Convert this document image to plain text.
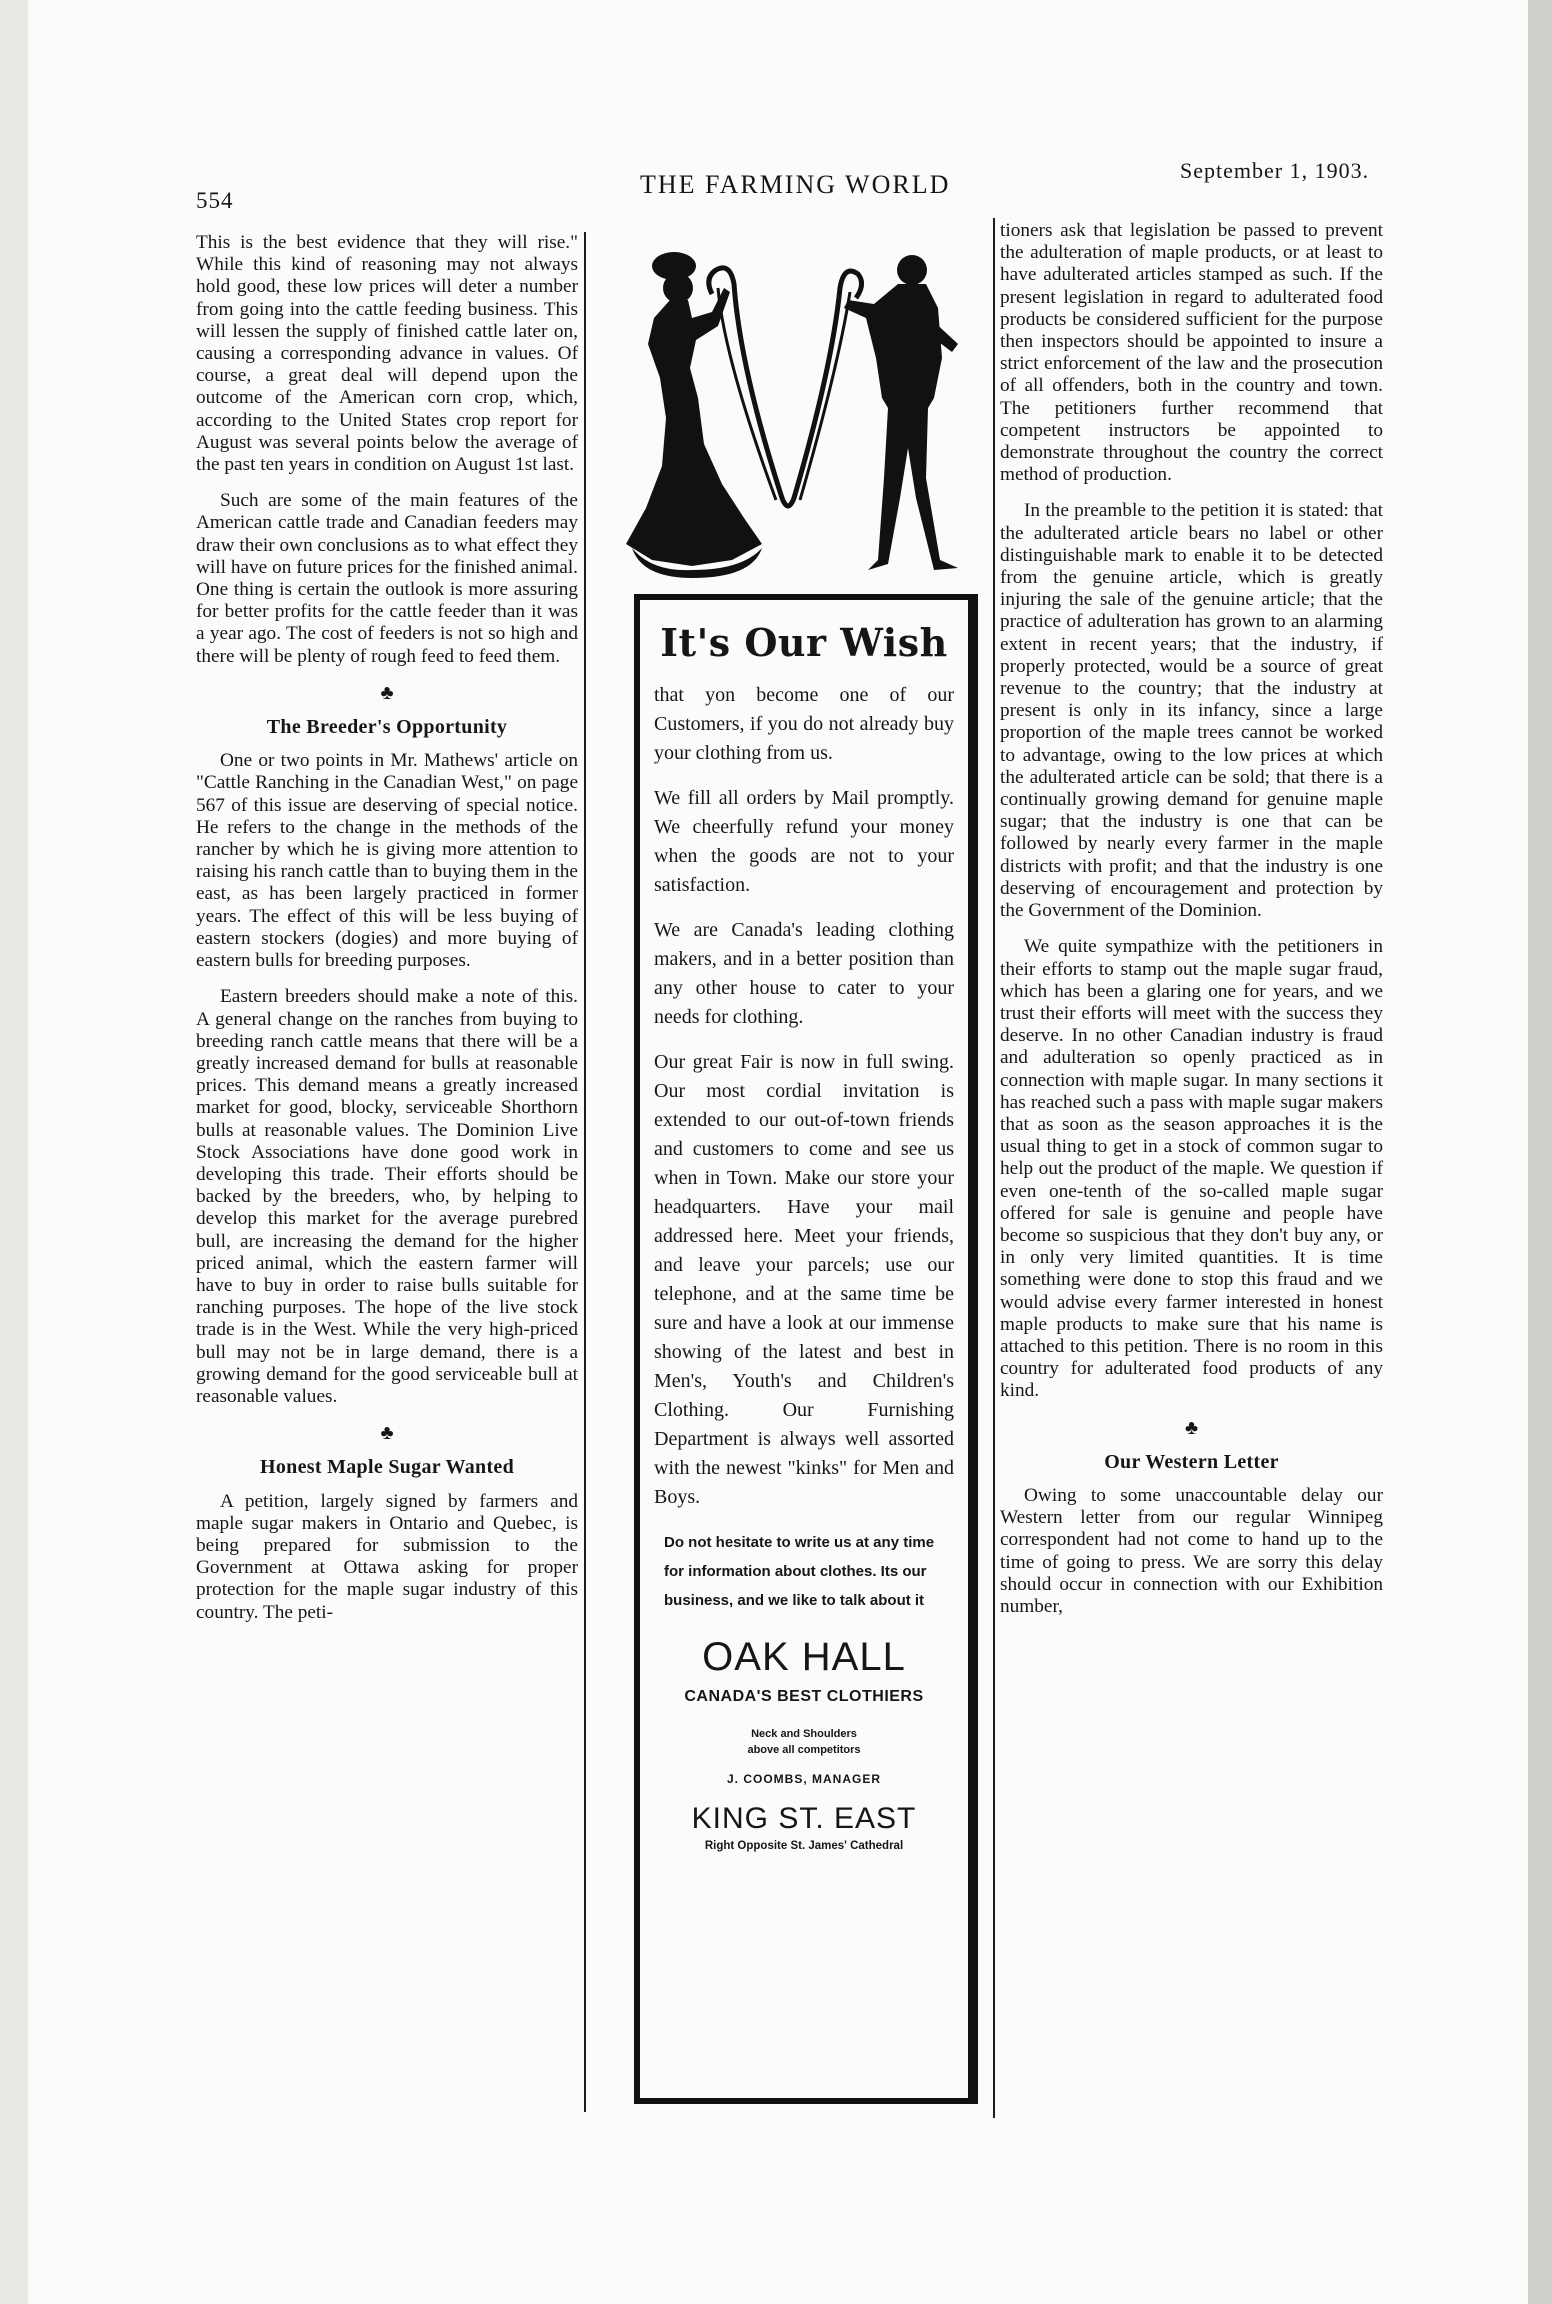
554
THE FARMING WORLD	September 1, 1903.

This is the best evidence that they will rise." While this kind of reasoning may not always hold good, these low prices will deter a number from going into the cattle feeding business. This will lessen the supply of finished cattle later on, causing a corresponding advance in values. Of course, a great deal will depend upon the outcome of the American corn crop, which, according to the United States crop report for August was several points below the average of the past ten years in condition on August 1st last.

Such are some of the main features of the American cattle trade and Canadian feeders may draw their own conclusions as to what effect they will have on future prices for the finished animal. One thing is certain the outlook is more assuring for better profits for the cattle feeder than it was a year ago. The cost of feeders is not so high and there will be plenty of rough feed to feed them.

♣
The Breeder's Opportunity

One or two points in Mr. Mathews' article on "Cattle Ranching in the Canadian West," on page 567 of this issue are deserving of special notice. He refers to the change in the methods of the rancher by which he is giving more attention to raising his ranch cattle than to buying them in the east, as has been largely practiced in former years. The effect of this will be less buying of eastern stockers (dogies) and more buying of eastern bulls for breeding purposes.

Eastern breeders should make a note of this. A general change on the ranches from buying to breeding ranch cattle means that there will be a greatly increased demand for bulls at reasonable prices. This demand means a greatly increased market for good, blocky, serviceable Shorthorn bulls at reasonable values. The Dominion Live Stock Associations have done good work in developing this trade. Their efforts should be backed by the breeders, who, by helping to develop this market for the average purebred bull, are increasing the demand for the higher priced animal, which the eastern farmer will have to buy in order to raise bulls suitable for ranching purposes. The hope of the live stock trade is in the West. While the very high-priced bull may not be in large demand, there is a growing demand for the good serviceable bull at reasonable values.

♣
Honest Maple Sugar Wanted

A petition, largely signed by farmers and maple sugar makers in Ontario and Quebec, is being prepared for submission to the Government at Ottawa asking for proper protection for the maple sugar industry of this country. The peti-

It's Our Wish

that yon become one of our Customers, if you do not already buy your clothing from us.

We fill all orders by Mail promptly. We cheerfully refund your money when the goods are not to your satisfaction.

We are Canada's leading clothing makers, and in a better position than any other house to cater to your needs for clothing.

Our great Fair is now in full swing. Our most cordial invitation is extended to our out-of-town friends and customers to come and see us when in Town. Make our store your headquarters. Have your mail addressed here. Meet your friends, and leave your parcels; use our telephone, and at the same time be sure and have a look at our immense showing of the latest and best in Men's, Youth's and Children's Clothing. Our Furnishing Department is always well assorted with the newest "kinks" for Men and Boys.

Do not hesitate to write us at any time for information about clothes. Its our business, and we like to talk about it
OAK HALL
CANADA'S BEST CLOTHIERS
Neck and Shoulders
above all competitors
J. COOMBS, MANAGER
KING ST. EAST
Right Opposite St. James' Cathedral

tioners ask that legislation be passed to prevent the adulteration of maple products, or at least to have adulterated articles stamped as such. If the present legislation in regard to adulterated food products be considered sufficient for the purpose then inspectors should be appointed to insure a strict enforcement of the law and the prosecution of all offenders, both in the country and town. The petitioners further recommend that competent instructors be appointed to demonstrate throughout the country the correct method of production.

In the preamble to the petition it is stated: that the adulterated article bears no label or other distinguishable mark to enable it to be detected from the genuine article, which is greatly injuring the sale of the genuine article; that the practice of adulteration has grown to an alarming extent in recent years; that the industry, if properly protected, would be a source of great revenue to the country; that the industry at present is only in its infancy, since a large proportion of the maple trees cannot be worked to advantage, owing to the low prices at which the adulterated article can be sold; that there is a continually growing demand for genuine maple sugar; that the industry is one that can be followed by nearly every farmer in the maple districts with profit; and that the industry is one deserving of encouragement and protection by the Government of the Dominion.

We quite sympathize with the petitioners in their efforts to stamp out the maple sugar fraud, which has been a glaring one for years, and we trust their efforts will meet with the success they deserve. In no other Canadian industry is fraud and adulteration so openly practiced as in connection with maple sugar. In many sections it has reached such a pass with maple sugar makers that as soon as the season approaches it is the usual thing to get in a stock of common sugar to help out the product of the maple. We question if even one-tenth of the so-called maple sugar offered for sale is genuine and people have become so suspicious that they don't buy any, or in only very limited quantities. It is time something were done to stop this fraud and we would advise every farmer interested in honest maple products to make sure that his name is attached to this petition. There is no room in this country for adulterated food products of any kind.

♣
Our Western Letter

Owing to some unaccountable delay our Western letter from our regular Winnipeg correspondent had not come to hand up to the time of going to press. We are sorry this delay should occur in connection with our Exhibition number,
